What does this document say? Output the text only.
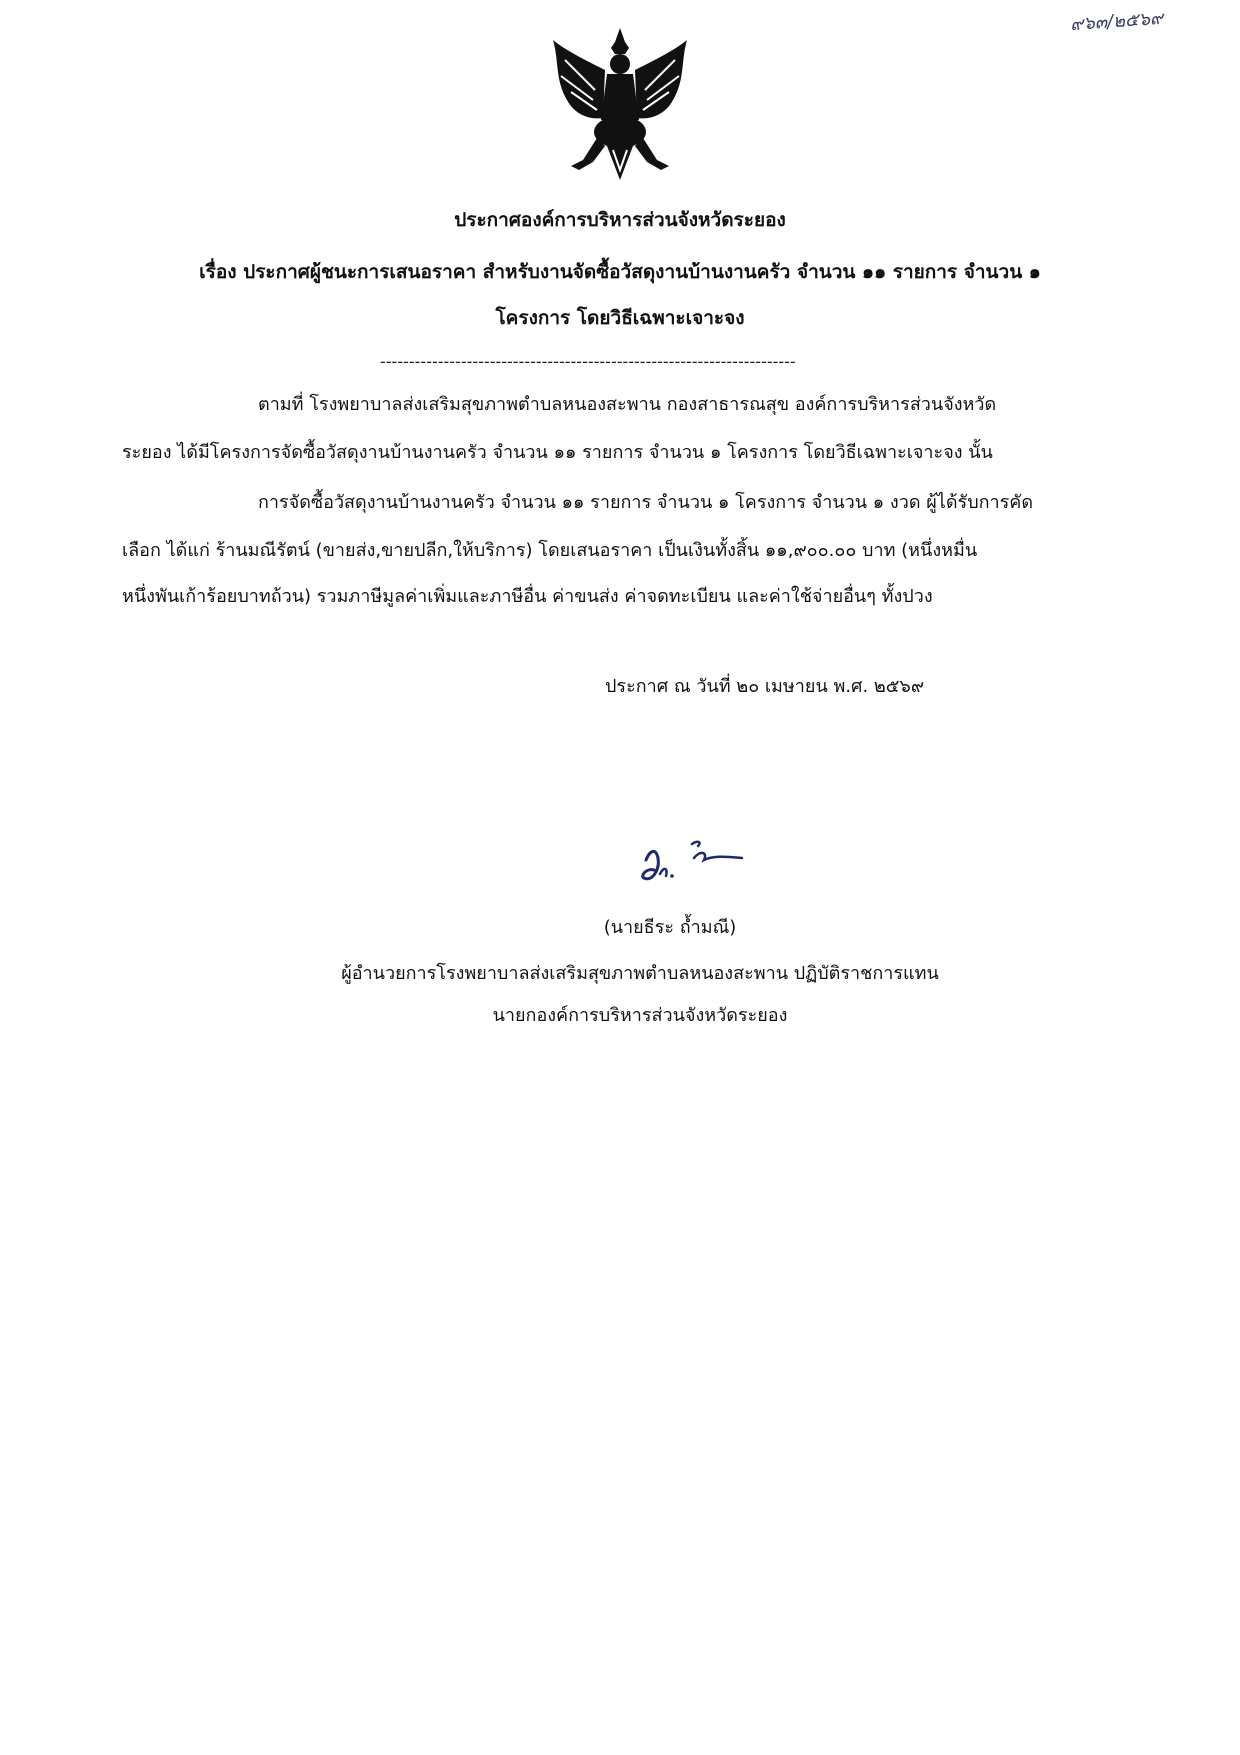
๙๖๓/๒๕๖๙
ประกาศองค์การบริหารส่วนจังหวัดระยอง
เรื่อง ประกาศผู้ชนะการเสนอราคา สำหรับงานจัดซื้อวัสดุงานบ้านงานครัว จำนวน ๑๑ รายการ จำนวน ๑
โครงการ โดยวิธีเฉพาะเจาะจง
------------------------------------------------------------------------
ตามที่ โรงพยาบาลส่งเสริมสุขภาพตำบลหนองสะพาน กองสาธารณสุข องค์การบริหารส่วนจังหวัด
ระยอง ได้มีโครงการจัดซื้อวัสดุงานบ้านงานครัว จำนวน ๑๑ รายการ จำนวน ๑ โครงการ โดยวิธีเฉพาะเจาะจง นั้น
การจัดซื้อวัสดุงานบ้านงานครัว จำนวน ๑๑ รายการ จำนวน ๑ โครงการ จำนวน ๑ งวด ผู้ได้รับการคัด
เลือก ได้แก่ ร้านมณีรัตน์ (ขายส่ง,ขายปลีก,ให้บริการ) โดยเสนอราคา เป็นเงินทั้งสิ้น ๑๑,๙๐๐.๐๐ บาท (หนึ่งหมื่น
หนึ่งพันเก้าร้อยบาทถ้วน) รวมภาษีมูลค่าเพิ่มและภาษีอื่น ค่าขนส่ง ค่าจดทะเบียน และค่าใช้จ่ายอื่นๆ ทั้งปวง
ประกาศ ณ วันที่ ๒๐ เมษายน พ.ศ. ๒๕๖๙
(นายธีระ ถ้ำมณี)
ผู้อำนวยการโรงพยาบาลส่งเสริมสุขภาพตำบลหนองสะพาน ปฏิบัติราชการแทน
นายกองค์การบริหารส่วนจังหวัดระยอง
